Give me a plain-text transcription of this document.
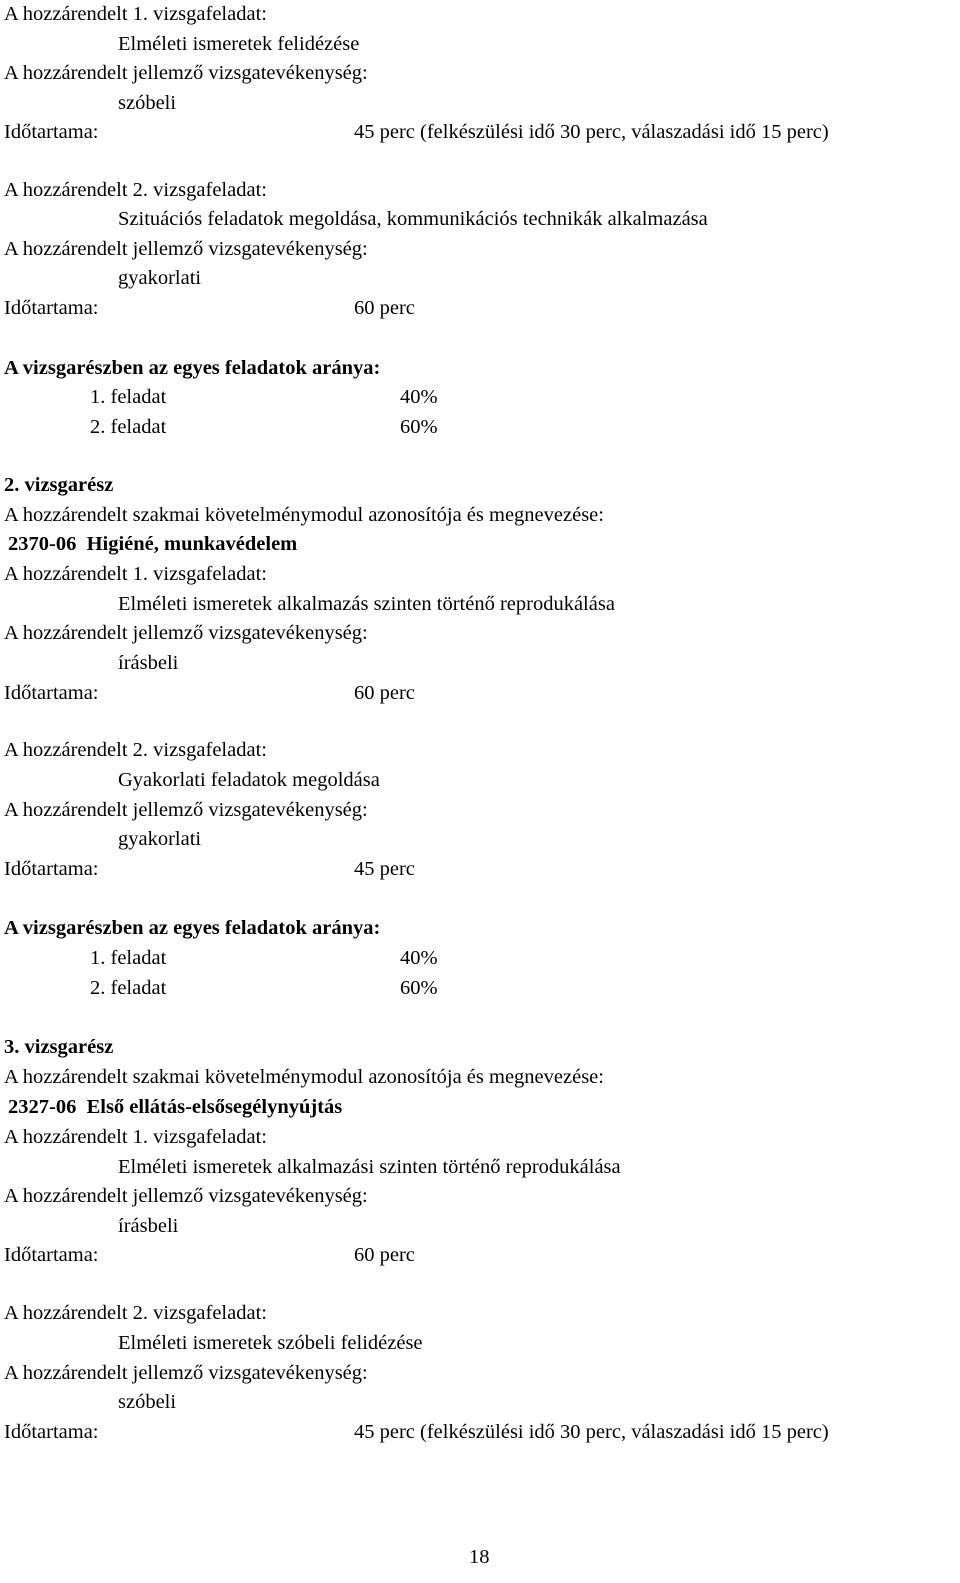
A hozzárendelt 1. vizsgafeladat:
Elméleti ismeretek felidézése
A hozzárendelt jellemző vizsgatevékenység:
szóbeli
Időtartama:	45 perc (felkészülési idő 30 perc, válaszadási idő 15 perc)
A hozzárendelt 2. vizsgafeladat:
Szituációs feladatok megoldása, kommunikációs technikák alkalmazása
A hozzárendelt jellemző vizsgatevékenység:
gyakorlati
Időtartama:	60 perc
A vizsgarészben az egyes feladatok aránya:
1. feladat	40%
2. feladat	60%
2. vizsgarész
A hozzárendelt szakmai követelménymodul azonosítója és megnevezése:
2370-06  Higiéné, munkavédelem
A hozzárendelt 1. vizsgafeladat:
Elméleti ismeretek alkalmazás szinten történő reprodukálása
A hozzárendelt jellemző vizsgatevékenység:
írásbeli
Időtartama:	60 perc
A hozzárendelt 2. vizsgafeladat:
Gyakorlati feladatok megoldása
A hozzárendelt jellemző vizsgatevékenység:
gyakorlati
Időtartama:	45 perc
A vizsgarészben az egyes feladatok aránya:
1. feladat	40%
2. feladat	60%
3. vizsgarész
A hozzárendelt szakmai követelménymodul azonosítója és megnevezése:
2327-06  Első ellátás-elsősegélynyújtás
A hozzárendelt 1. vizsgafeladat:
Elméleti ismeretek alkalmazási szinten történő reprodukálása
A hozzárendelt jellemző vizsgatevékenység:
írásbeli
Időtartama:	60 perc
A hozzárendelt 2. vizsgafeladat:
Elméleti ismeretek szóbeli felidézése
A hozzárendelt jellemző vizsgatevékenység:
szóbeli
Időtartama:	45 perc (felkészülési idő 30 perc, válaszadási idő 15 perc)
18
